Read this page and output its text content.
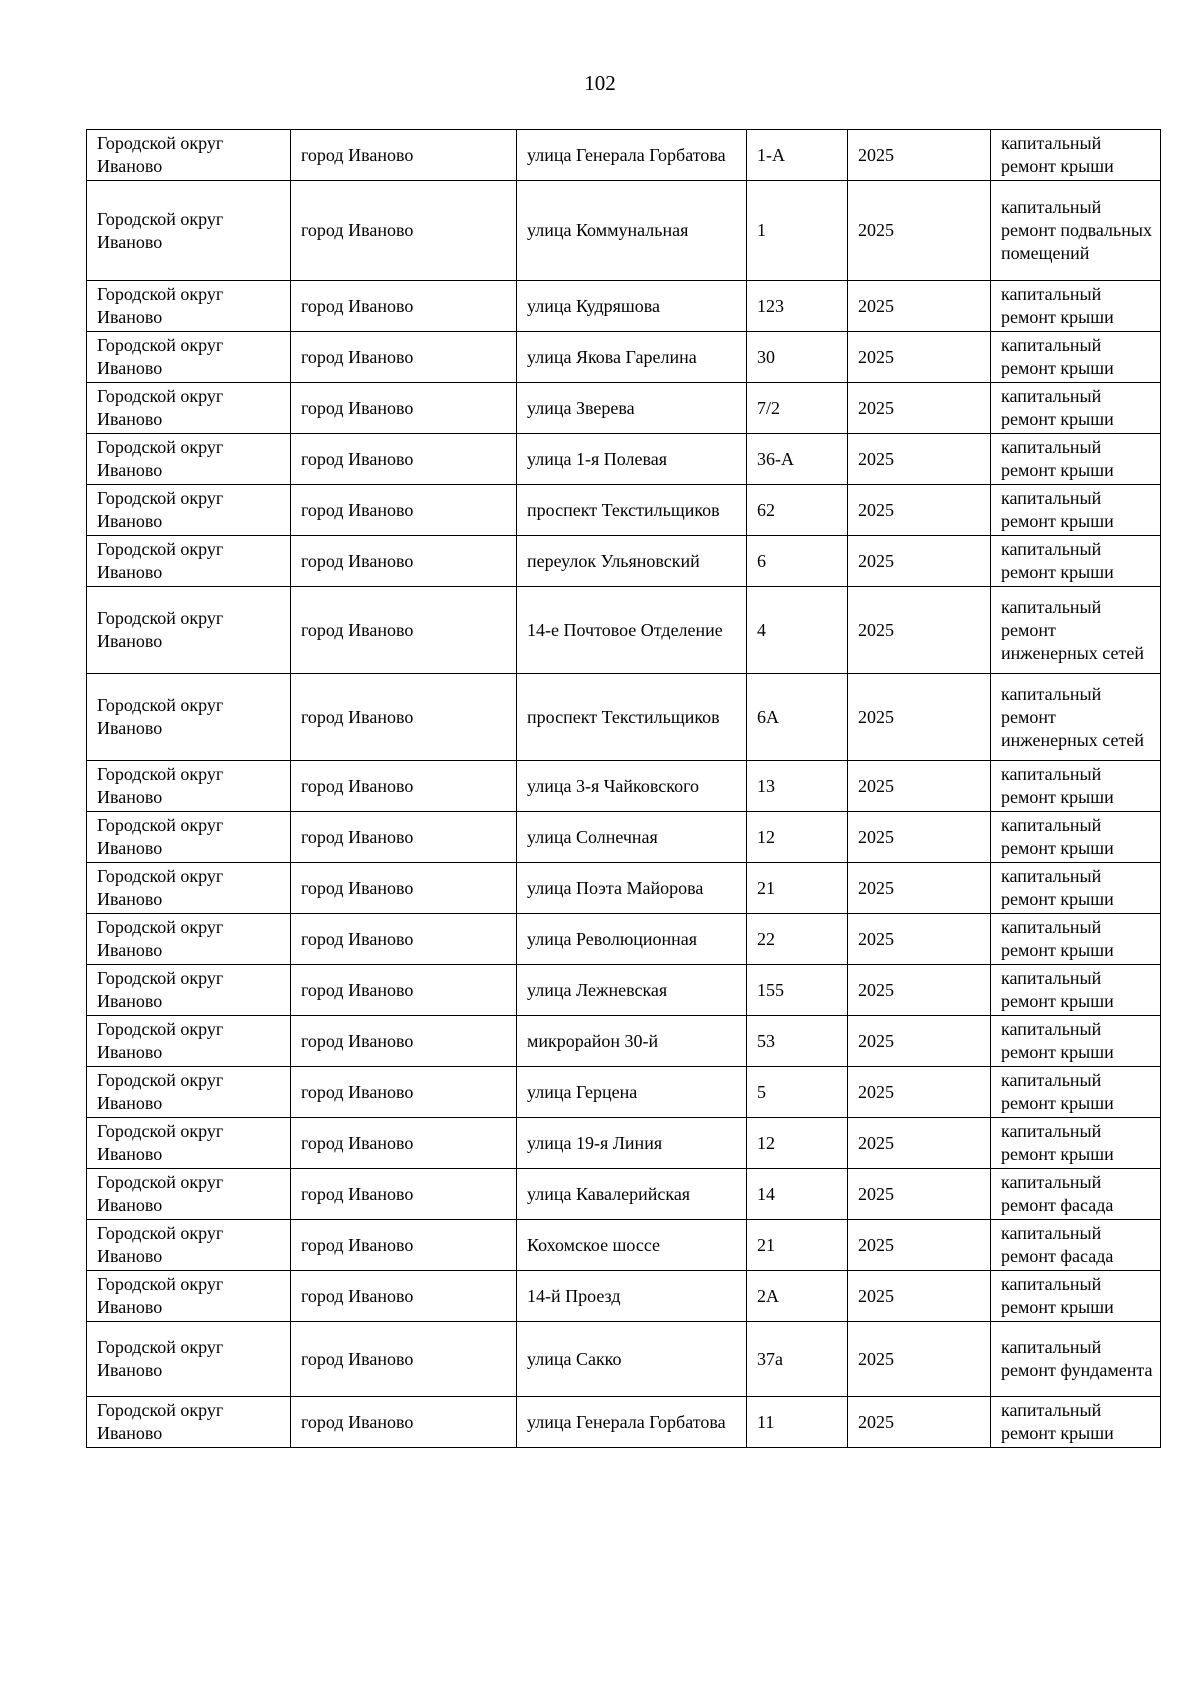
102
Городской округ Иваново	город Иваново	улица Генерала Горбатова	1-А	2025	капитальный ремонт крыши
Городской округ Иваново	город Иваново	улица Коммунальная	1	2025	капитальный ремонт подвальных помещений
Городской округ Иваново	город Иваново	улица Кудряшова	123	2025	капитальный ремонт крыши
Городской округ Иваново	город Иваново	улица Якова Гарелина	30	2025	капитальный ремонт крыши
Городской округ Иваново	город Иваново	улица Зверева	7/2	2025	капитальный ремонт крыши
Городской округ Иваново	город Иваново	улица 1-я Полевая	36-А	2025	капитальный ремонт крыши
Городской округ Иваново	город Иваново	проспект Текстильщиков	62	2025	капитальный ремонт крыши
Городской округ Иваново	город Иваново	переулок Ульяновский	6	2025	капитальный ремонт крыши
Городской округ Иваново	город Иваново	14-е Почтовое Отделение	4	2025	капитальный ремонт инженерных сетей
Городской округ Иваново	город Иваново	проспект Текстильщиков	6А	2025	капитальный ремонт инженерных сетей
Городской округ Иваново	город Иваново	улица 3-я Чайковского	13	2025	капитальный ремонт крыши
Городской округ Иваново	город Иваново	улица Солнечная	12	2025	капитальный ремонт крыши
Городской округ Иваново	город Иваново	улица Поэта Майорова	21	2025	капитальный ремонт крыши
Городской округ Иваново	город Иваново	улица Революционная	22	2025	капитальный ремонт крыши
Городской округ Иваново	город Иваново	улица Лежневская	155	2025	капитальный ремонт крыши
Городской округ Иваново	город Иваново	микрорайон 30-й	53	2025	капитальный ремонт крыши
Городской округ Иваново	город Иваново	улица Герцена	5	2025	капитальный ремонт крыши
Городской округ Иваново	город Иваново	улица 19-я Линия	12	2025	капитальный ремонт крыши
Городской округ Иваново	город Иваново	улица Кавалерийская	14	2025	капитальный ремонт фасада
Городской округ Иваново	город Иваново	Кохомское шоссе	21	2025	капитальный ремонт фасада
Городской округ Иваново	город Иваново	14-й Проезд	2А	2025	капитальный ремонт крыши
Городской округ Иваново	город Иваново	улица Сакко	37а	2025	капитальный ремонт фундамента
Городской округ Иваново	город Иваново	улица Генерала Горбатова	11	2025	капитальный ремонт крыши
